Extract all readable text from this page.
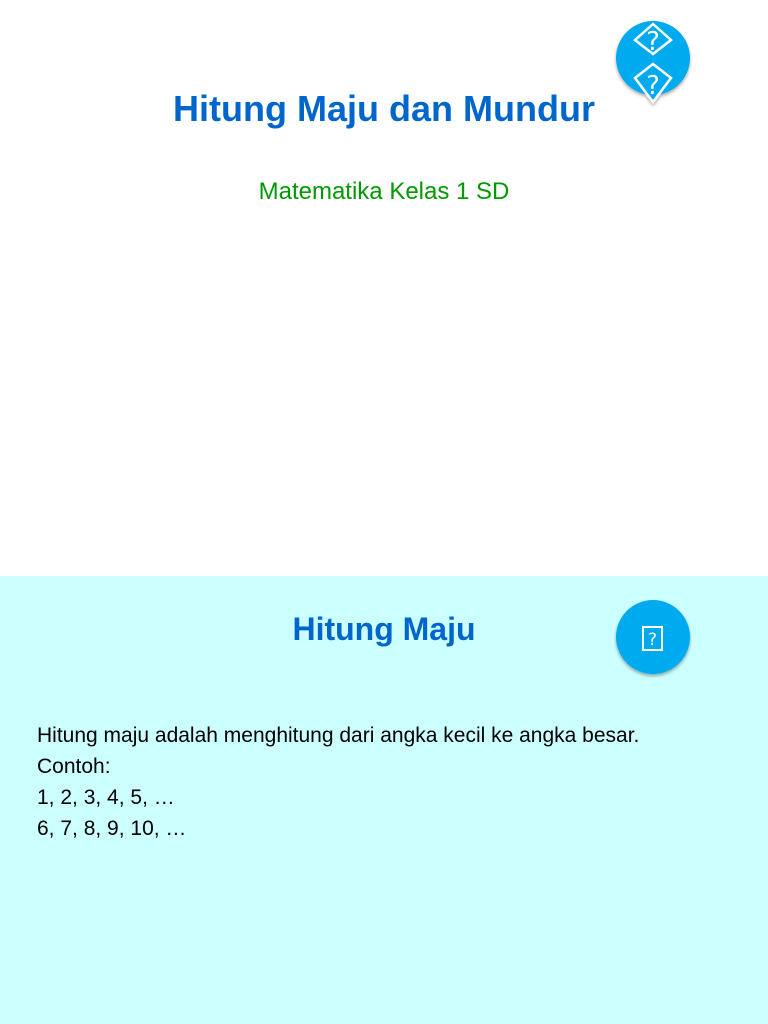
Hitung Maju dan Mundur

Matematika Kelas 1 SD

?
?
Hitung Maju	?
Hitung maju adalah menghitung dari angka kecil ke angka besar.
Contoh:
1, 2, 3, 4, 5, …
6, 7, 8, 9, 10, …
